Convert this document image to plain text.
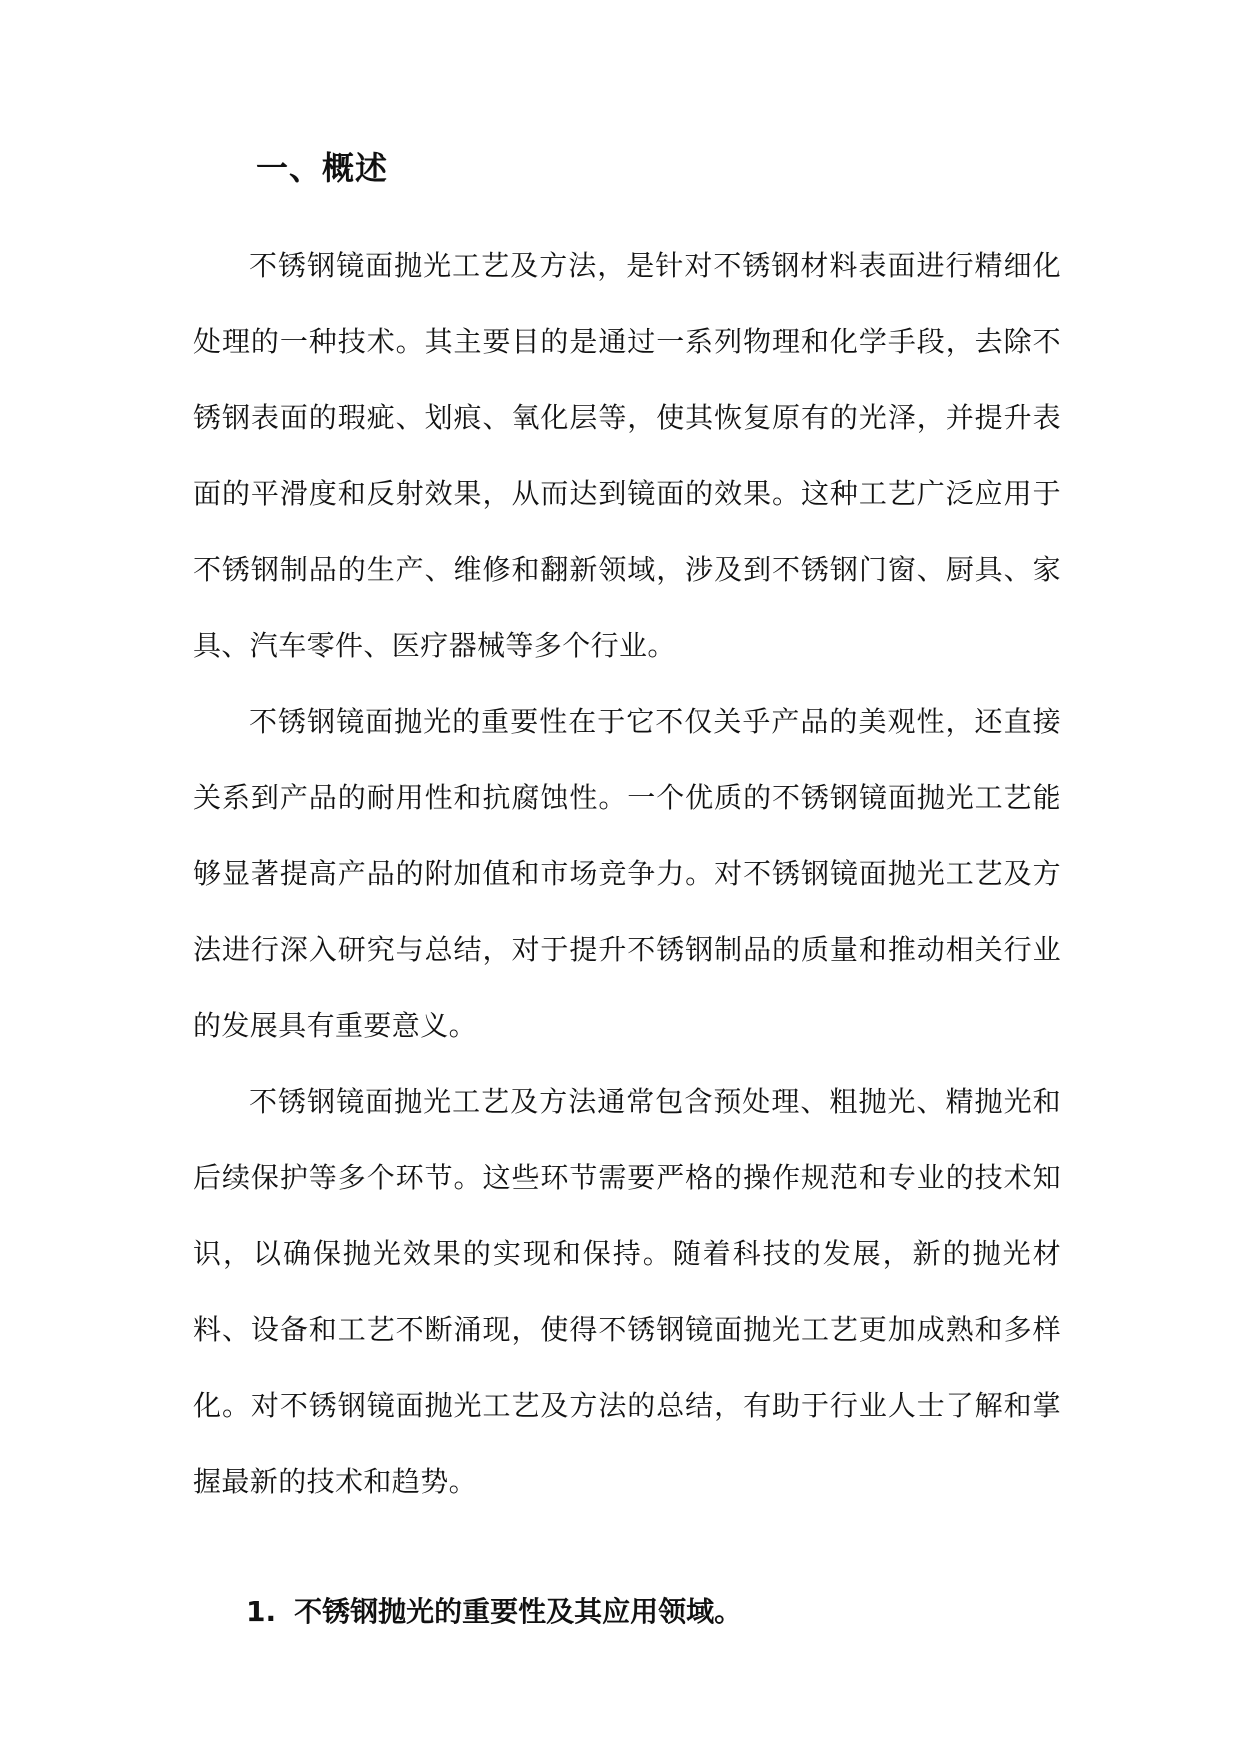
一、概述

不锈钢镜面抛光工艺及方法，是针对不锈钢材料表面进行精细化处理的一种技术。其主要目的是通过一系列物理和化学手段，去除不锈钢表面的瑕疵、划痕、氧化层等，使其恢复原有的光泽，并提升表面的平滑度和反射效果，从而达到镜面的效果。这种工艺广泛应用于不锈钢制品的生产、维修和翻新领域，涉及到不锈钢门窗、厨具、家具、汽车零件、医疗器械等多个行业。

不锈钢镜面抛光的重要性在于它不仅关乎产品的美观性，还直接关系到产品的耐用性和抗腐蚀性。一个优质的不锈钢镜面抛光工艺能够显著提高产品的附加值和市场竞争力。对不锈钢镜面抛光工艺及方法进行深入研究与总结，对于提升不锈钢制品的质量和推动相关行业的发展具有重要意义。

不锈钢镜面抛光工艺及方法通常包含预处理、粗抛光、精抛光和后续保护等多个环节。这些环节需要严格的操作规范和专业的技术知识，以确保抛光效果的实现和保持。随着科技的发展，新的抛光材料、设备和工艺不断涌现，使得不锈钢镜面抛光工艺更加成熟和多样化。对不锈钢镜面抛光工艺及方法的总结，有助于行业人士了解和掌握最新的技术和趋势。

1. 不锈钢抛光的重要性及其应用领域。
